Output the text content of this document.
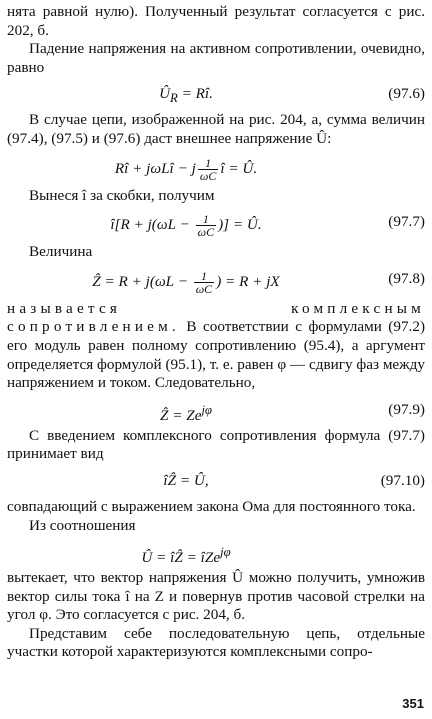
нята равной нулю). Полученный результат согласуется с рис. 202, б.

Падение напряжения на активном сопротивлении, очевидно, равно

$Û_R$ = Rî.	(97.6)

В случае цепи, изображенной на рис. 204, а, сумма величин (97.4), (97.5) и (97.6) даст внешнее напряжение Û:

Rî + jωLî − j $\frac{1}{\omega C}$ î = Û.

Вынеся î за скобки, получим

î[R + $j(\omega L - \frac{1}{\omega C}$ )] = Û.	(97.7)

Величина

Ẑ = $R + j(\omega L - \frac{1}{\omega C}$ ) = R + jX	(97.8)

называется комплексным сопротивлением. В соответствии с формулами (97.2) его модуль равен полному сопротивлению (95.4), а аргумент определяется формулой (95.1), т. е. равен φ — сдвигу фаз между напряжением и током. Следовательно,

Ẑ = $Ze^{j\varphi}$	(97.9)

С введением комплексного сопротивления формула (97.7) принимает вид

îẐ = Û,	(97.10)

совпадающий с выражением закона Ома для постоянного тока.

Из соотношения

Û = îẐ = îZe$^{j\varphi}$

вытекает, что вектор напряжения Û можно получить, умножив вектор силы тока î на Z и повернув против часовой стрелки на угол φ. Это согласуется с рис. 204, б.

Представим себе последовательную цепь, отдельные участки которой характеризуются комплексными сопро-

351
